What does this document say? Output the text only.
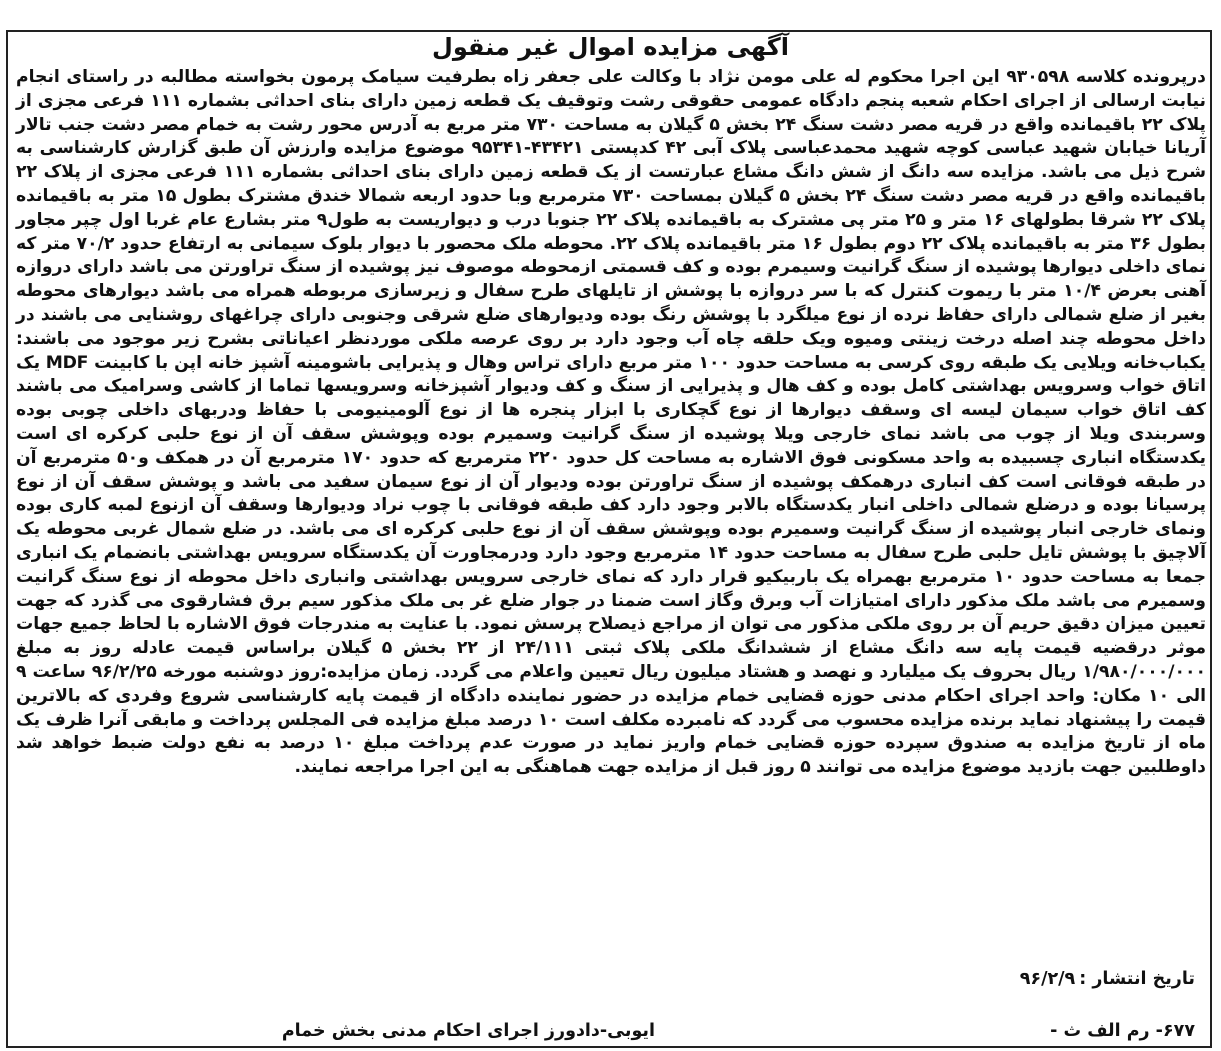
آگهی مزایده اموال غیر منقول
درپرونده کلاسه ۹۳۰۵۹۸ این اجرا محکوم له علی مومن نژاد با وکالت علی جعفر زاه بطرفیت سیامک پرمون بخواسته مطالبه در راستای انجام نیابت ارسالی از اجرای احکام شعبه پنجم دادگاه عمومی حقوقی رشت وتوقیف یک قطعه زمین دارای بنای احداثی بشماره ۱۱۱ فرعی مجزی از پلاک ۲۲ باقیمانده واقع در قریه مصر دشت سنگ ۲۴ بخش ۵ گیلان به مساحت ۷۳۰ متر مربع به آدرس محور رشت به خمام مصر دشت جنب تالار آریانا خیابان شهید عباسی کوچه شهید محمدعباسی پلاک آبی ۴۲ کدپستی ۴۳۴۲۱-۹۵۳۴۱ موضوع مزایده وارزش آن طبق گزارش کارشناسی به شرح ذیل می باشد. مزایده سه دانگ از شش دانگ مشاع عبارتست از یک قطعه زمین دارای بنای احداثی بشماره ۱۱۱ فرعی مجزی از پلاک ۲۲ باقیمانده واقع در قریه مصر دشت سنگ ۲۴ بخش ۵ گیلان بمساحت ۷۳۰ مترمربع وبا حدود اربعه شمالا خندق مشترک بطول ۱۵ متر به باقیمانده پلاک ۲۲ شرقا بطولهای ۱۶ متر و ۲۵ متر پی مشترک به باقیمانده پلاک ۲۲ جنوبا درب و دیواریست به طول۹ متر بشارع عام غربا اول چپر مجاور بطول ۳۶ متر به باقیمانده پلاک ۲۲ دوم بطول ۱۶ متر باقیمانده پلاک ۲۲. محوطه ملک محصور با دیوار بلوک سیمانی به ارتفاع حدود ۷۰/۲ متر که نمای داخلی دیوارها پوشیده از سنگ گرانیت وسیمرم بوده و کف قسمتی ازمحوطه موصوف نیز پوشیده از سنگ تراورتن می باشد دارای دروازه آهنی بعرض ۱۰/۴ متر با ریموت کنترل که با سر دروازه با پوشش از تایلهای طرح سفال و زیرسازی مربوطه همراه می باشد دیوارهای محوطه بغیر از ضلع شمالی دارای حفاظ نرده از نوع میلگرد با پوشش رنگ بوده ودیوارهای ضلع شرقی وجنوبی دارای چراغهای روشنایی می باشند در داخل محوطه چند اصله درخت زینتی ومیوه ویک حلقه چاه آب وجود دارد بر روی عرصه ملکی موردنظر اعیاناتی بشرح زیر موجود می باشند: یکباب‌خانه ویلایی یک طبقه روی کرسی به مساحت حدود ۱۰۰ متر مربع دارای تراس وهال و پذیرایی باشومینه آشپز خانه اپن با کابینت MDF یک اتاق خواب وسرویس بهداشتی کامل بوده و کف هال و پذیرایی از سنگ و کف ودیوار آشپزخانه وسرویسها تماما از کاشی وسرامیک می باشند کف اتاق خواب سیمان لیسه ای وسقف دیوارها از نوع گچکاری با ابزار پنجره ها از نوع آلومینیومی با حفاظ ودربهای داخلی چوبی بوده وسربندی ویلا از چوب می باشد نمای خارجی ویلا پوشیده از سنگ گرانیت وسمیرم بوده وپوشش سقف آن از نوع حلبی کرکره ای است یکدستگاه انباری چسبیده به واحد مسکونی فوق الاشاره به مساحت کل حدود ۲۲۰ مترمربع که حدود ۱۷۰ مترمربع آن در همکف و۵۰ مترمربع آن در طبقه فوقانی است کف انباری درهمکف پوشیده از سنگ تراورتن بوده ودیوار آن از نوع سیمان سفید می باشد و پوشش سقف آن از نوع پرسیانا بوده و درضلع شمالی داخلی انبار یکدستگاه بالابر وجود دارد کف طبقه فوقانی با چوب نراد ودیوارها وسقف آن ازنوع لمبه کاری بوده ونمای خارجی انبار پوشیده از سنگ گرانیت وسمیرم بوده وپوشش سقف آن از نوع حلبی کرکره ای می باشد. در ضلع شمال غربی محوطه یک آلاچیق با پوشش تایل حلبی طرح سفال به مساحت حدود ۱۴ مترمربع وجود دارد ودرمجاورت آن یکدستگاه سرویس بهداشتی بانضمام یک انباری جمعا به مساحت حدود ۱۰ مترمربع بهمراه یک باربیکیو قرار دارد که نمای خارجی سرویس بهداشتی وانباری داخل محوطه از نوع سنگ گرانیت وسمیرم می باشد ملک مذکور دارای امتیازات آب وبرق وگاز است ضمنا در جوار ضلع غر بی ملک مذکور سیم برق فشارقوی می گذرد که جهت تعیین میزان دقیق حریم آن بر روی ملکی مذکور می توان از مراجع ذیصلاح پرسش نمود. با عنایت به مندرجات فوق الاشاره با لحاظ جمیع جهات موثر درقضیه قیمت پایه سه دانگ مشاع از ششدانگ ملکی پلاک ثبتی ۲۴/۱۱۱ از ۲۲ بخش ۵ گیلان براساس قیمت عادله روز به مبلغ ۱/۹۸۰/۰۰۰/۰۰۰ ریال بحروف یک میلیارد و نهصد و هشتاد میلیون ریال تعیین واعلام می گردد. زمان مزایده:روز دوشنبه مورخه ۹۶/۲/۲۵ ساعت ۹ الی ۱۰ مکان: واحد اجرای احکام مدنی حوزه قضایی خمام مزایده در حضور نماینده دادگاه از قیمت پایه کارشناسی شروع وفردی که بالاترین قیمت را پیشنهاد نماید برنده مزایده محسوب می گردد که نامبرده مکلف است ۱۰ درصد مبلغ مزایده فی المجلس پرداخت و مابقی آنرا ظرف یک ماه از تاریخ مزایده به صندوق سپرده حوزه قضایی خمام واریز نماید در صورت عدم پرداخت مبلغ ۱۰ درصد به نفع دولت ضبط خواهد شد داوطلبین جهت بازدید موضوع مزایده می توانند ۵ روز قبل از مزایده جهت هماهنگی به این اجرا مراجعه نمایند.
تاریخ انتشار :۹۶/۲/۹
۶۷۷- رم الف ث -
ایوبی-دادورز اجرای احکام مدنی بخش خمام
